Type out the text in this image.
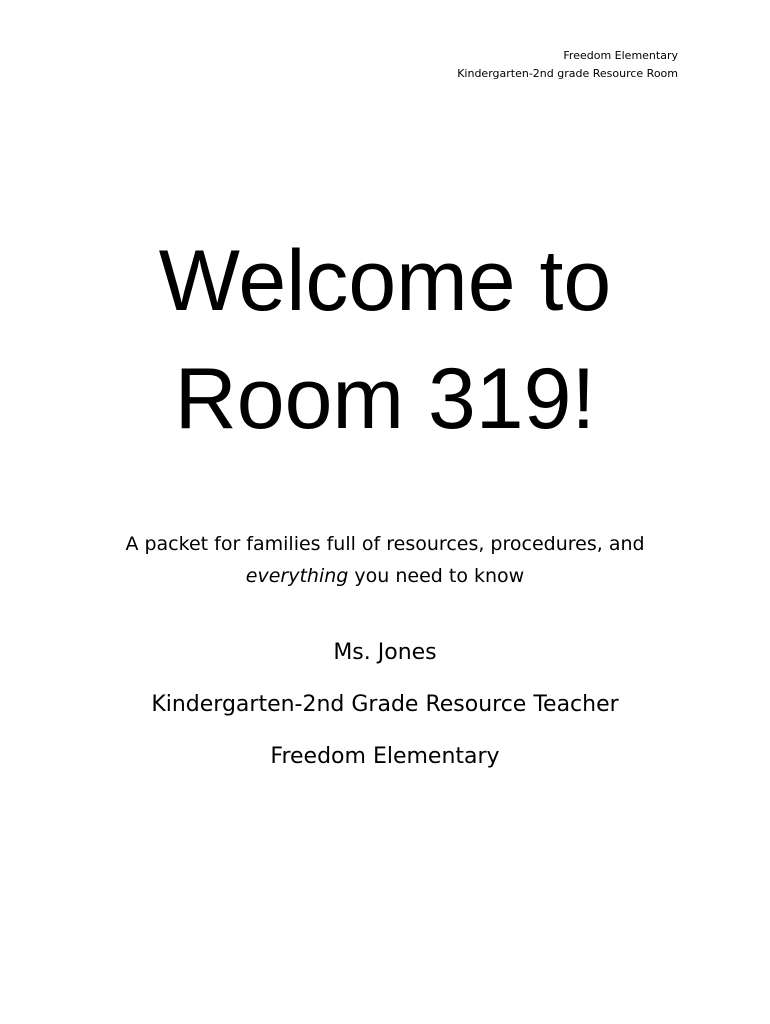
Freedom Elementary
Kindergarten-2nd grade Resource Room
Welcome to
Room 319!
A packet for families full of resources, procedures, and
everything you need to know
Ms. Jones
Kindergarten-2nd Grade Resource Teacher
Freedom Elementary
